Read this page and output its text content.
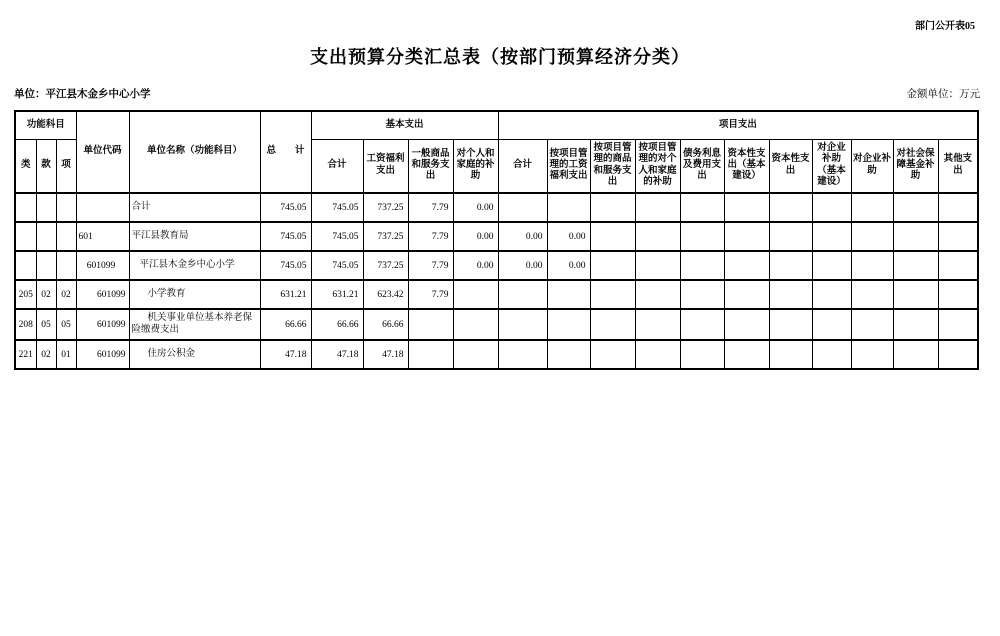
部门公开表05
支出预算分类汇总表（按部门预算经济分类）
单位：平江县木金乡中心小学	金额单位：万元
功能科目			单位代码	单位名称（功能科目）	总　　计	基本支出				项目支出										
类	款	项				合计	工资福利支出	一般商品和服务支出	对个人和家庭的补助	合计	按项目管理的工资福利支出	按项目管理的商品和服务支出	按项目管理的对个人和家庭的补助	债务利息及费用支出	资本性支出（基本建设）	资本性支出	对企业补助（基本建设）	对企业补助	对社会保障基金补助	其他支出
				合计	745.05	745.05	737.25	7.79	0.00											
			601	平江县教育局	745.05	745.05	737.25	7.79	0.00	0.00	0.00									
			601099	平江县木金乡中心小学	745.05	745.05	737.25	7.79	0.00	0.00	0.00									
205	02	02	601099	小学教育	631.21	631.21	623.42	7.79												
208	05	05	601099	机关事业单位基本养老保险缴费支出	66.66	66.66	66.66													
221	02	01	601099	住房公积金	47.18	47.18	47.18													
